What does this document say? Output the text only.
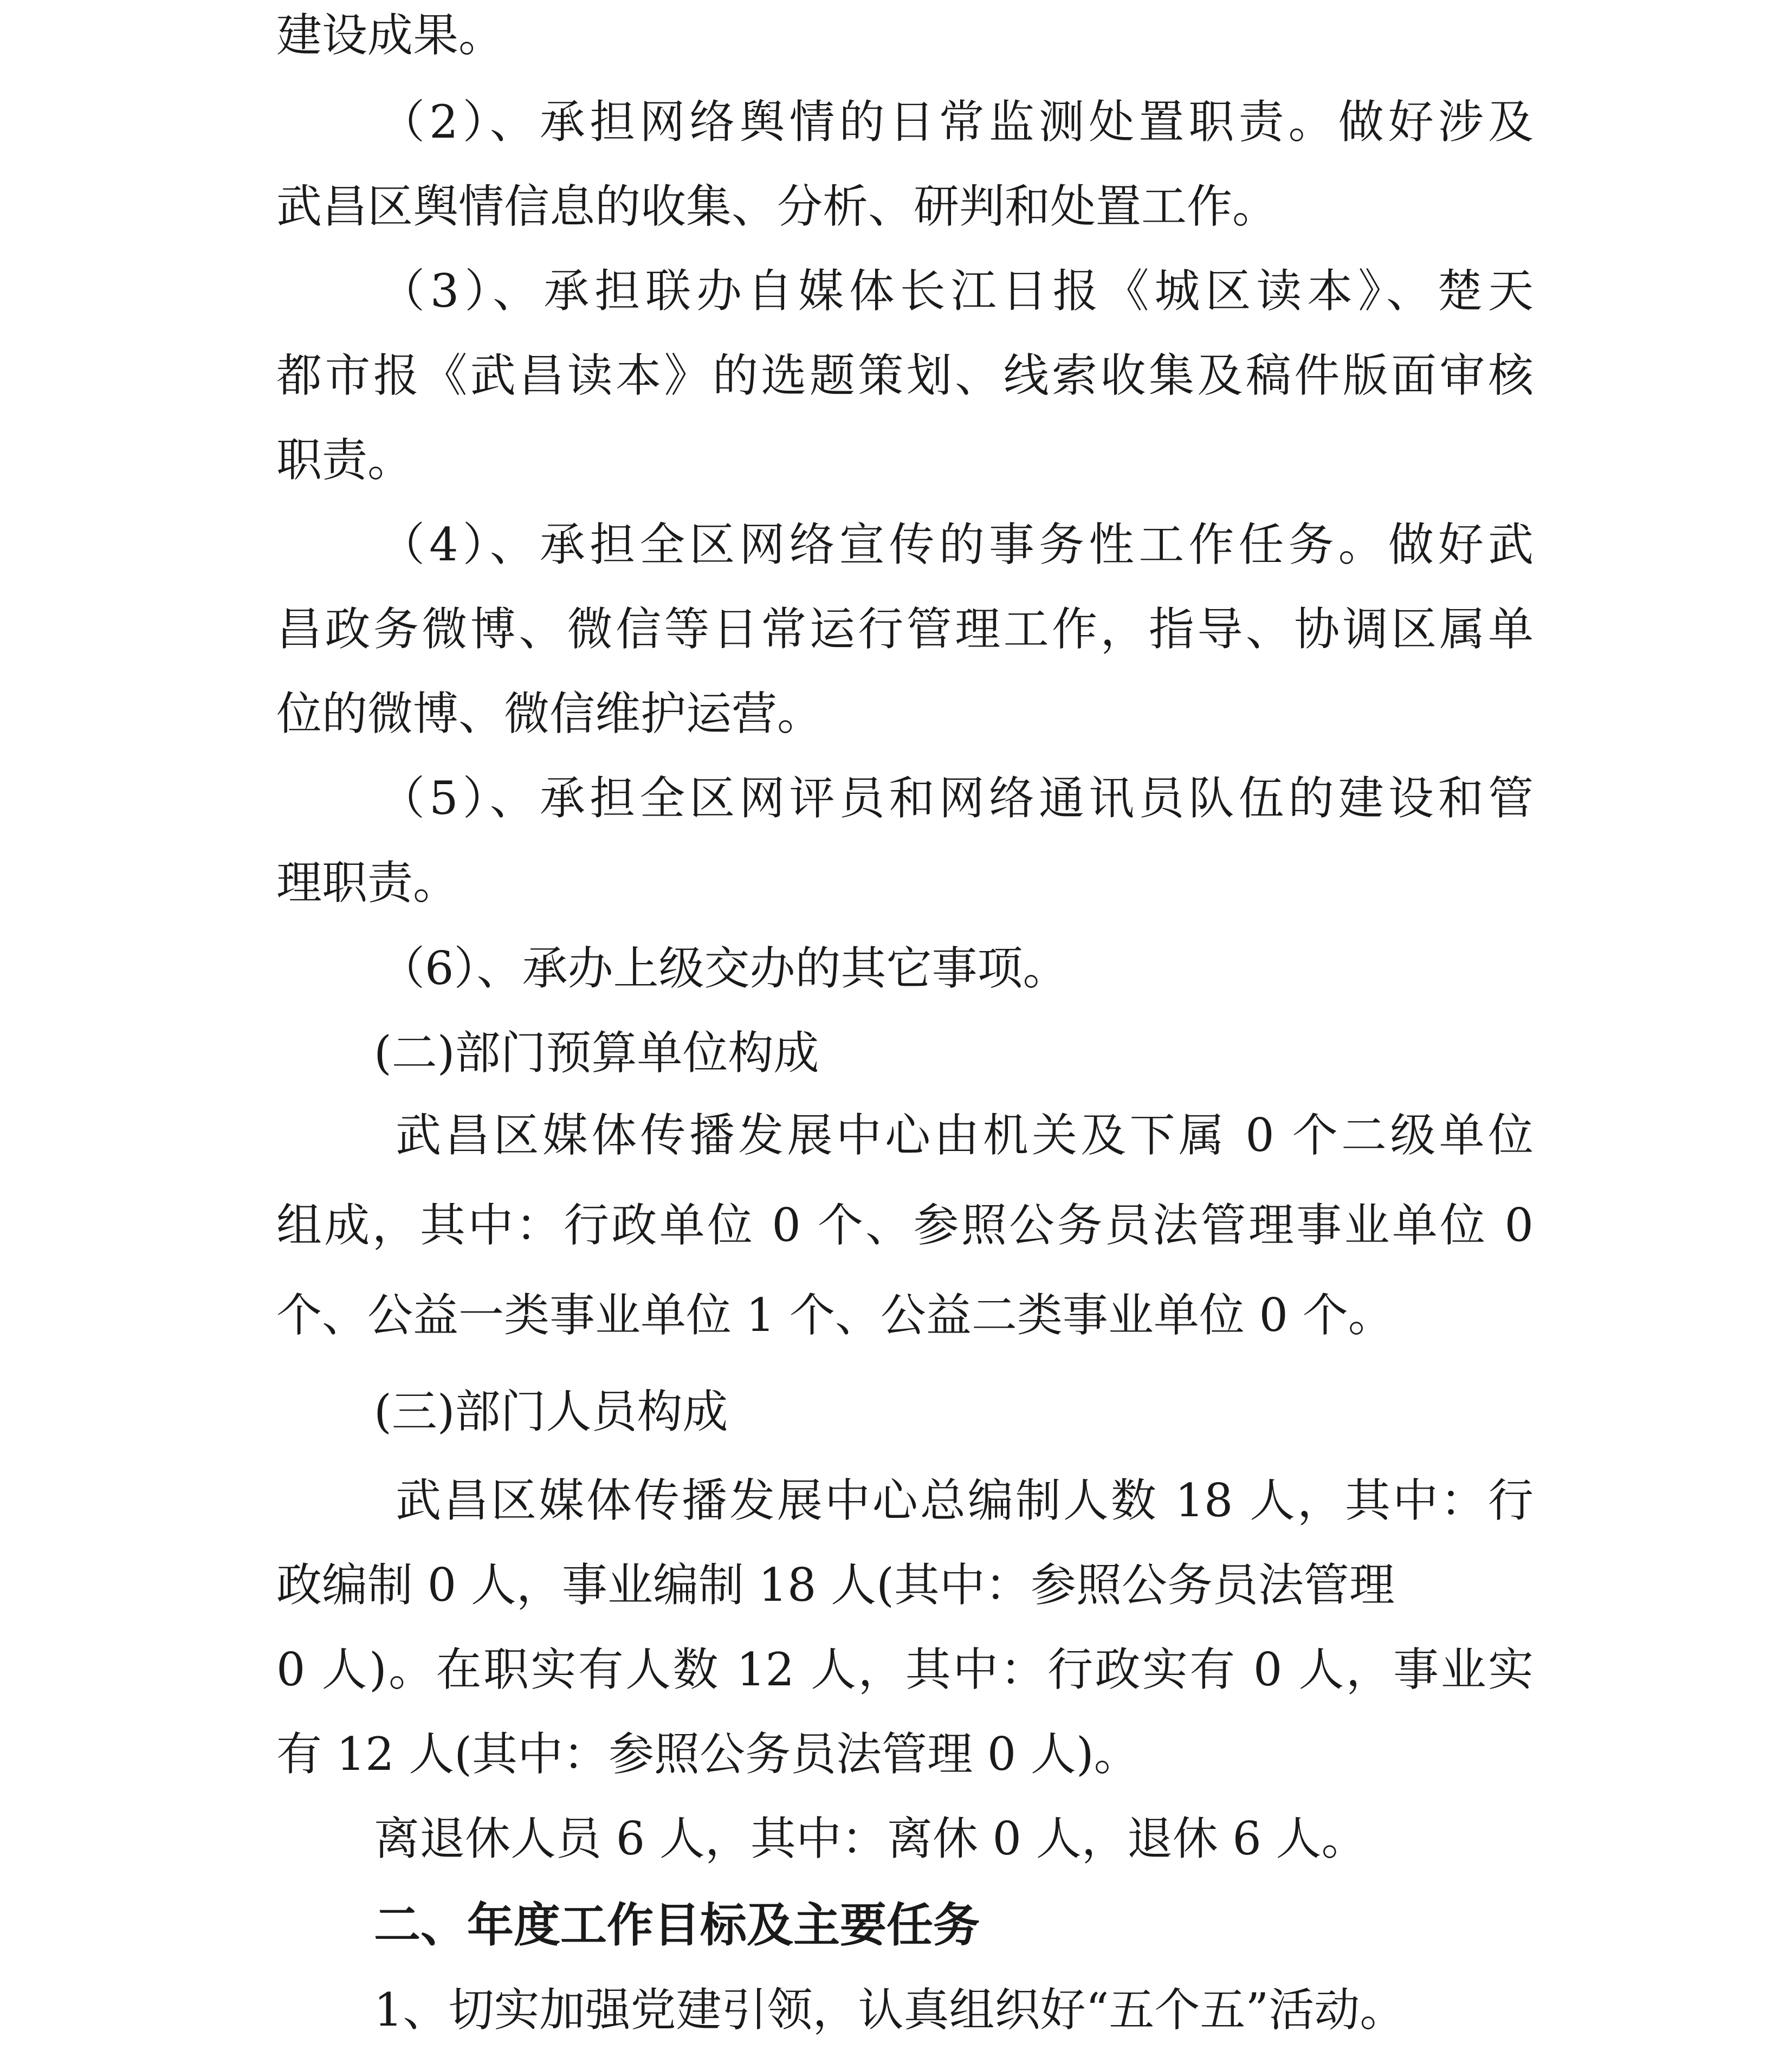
建设成果。
（2）、承担网络舆情的日常监测处置职责。做好涉及
武昌区舆情信息的收集、分析、研判和处置工作。
（3）、承担联办自媒体长江日报《城区读本》、楚天
都市报《武昌读本》的选题策划、线索收集及稿件版面审核
职责。
（4）、承担全区网络宣传的事务性工作任务。做好武
昌政务微博、微信等日常运行管理工作，指导、协调区属单
位的微博、微信维护运营。
（5）、承担全区网评员和网络通讯员队伍的建设和管
理职责。
（6）、承办上级交办的其它事项。
(二)部门预算单位构成
武昌区媒体传播发展中心由机关及下属 0 个二级单位
组成，其中：行政单位 0 个、参照公务员法管理事业单位 0
个、公益一类事业单位 1 个、公益二类事业单位 0 个。
(三)部门人员构成
武昌区媒体传播发展中心总编制人数 18 人，其中：行
政编制 0 人，事业编制 18 人(其中：参照公务员法管理
0 人)。在职实有人数 12 人，其中：行政实有 0 人，事业实
有 12 人(其中：参照公务员法管理 0 人)。
离退休人员 6 人，其中：离休 0 人，退休 6 人。
二、年度工作目标及主要任务
1、切实加强党建引领，认真组织好“五个五”活动。
